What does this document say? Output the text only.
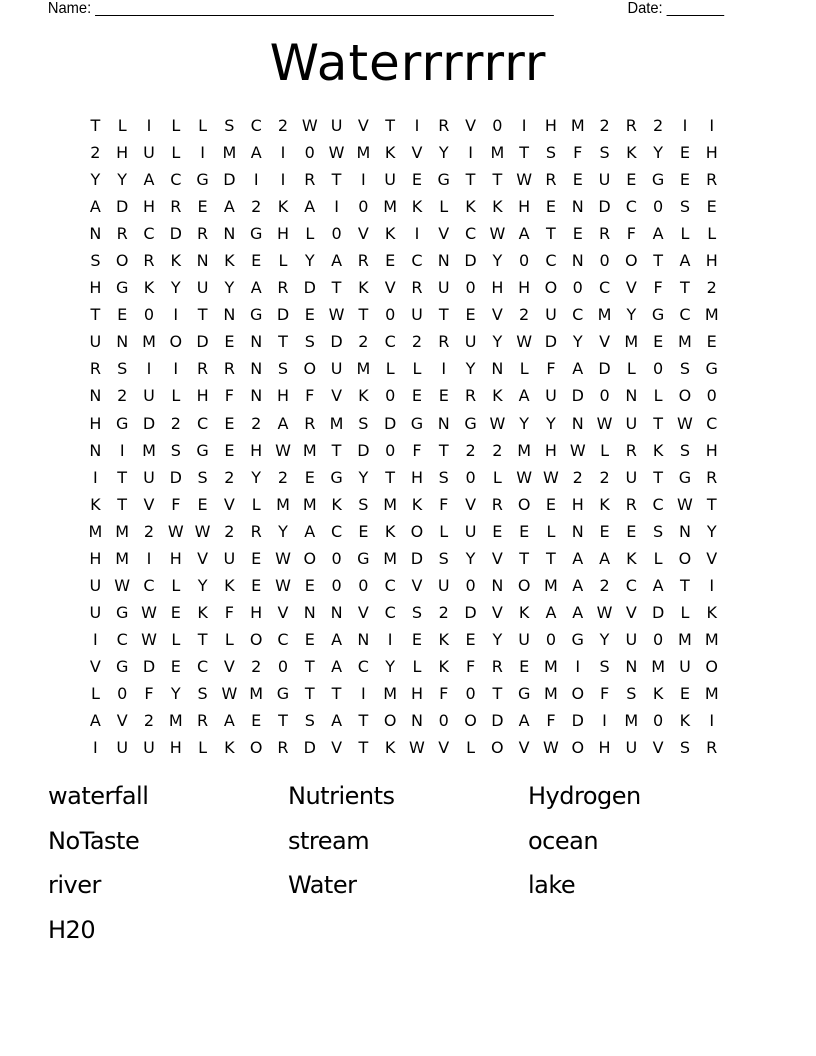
Name: ________________________________________________________	Date: _______
Waterrrrrrr
T	L	I	L	L	S	C	2 W U V	T	I	R V	0	I	H M 2	R	2	I	I
2 H U	L	I	M A	I	0 W M K	V	Y	I	M T	S	F	S	K	Y	E H
Y	Y	A C G D	I	I	R	T	I	U E G T	T W R	E U E G E	R
A D H R	E	A	2	K	A	I	0 M K	L	K	K H E N D C	0	S	E
N R C D R N G H	L	0	V	K	I	V C W A	T	E	R	F	A	L	L
S O R K N K	E	L	Y	A R	E	C N D Y	0	C N 0 O T	A H
H G K	Y	U	Y	A R D T	K	V R U 0 H H O 0	C V	F	T	2
T	E	0	I	T N G D E W T	0 U	T	E	V	2 U C M Y G C M
U N M O D E N T	S D 2	C	2	R U	Y W D Y	V M E M E
R	S	I	I	R R N S O U M L	L	I	Y N	L	F	A D	L	0	S G
N 2 U	L	H	F	N H	F	V	K	0	E	E	R K	A U D 0 N	L	O 0
H G D 2	C	E	2	A R M S D G N G W Y	Y N W U	T W C
N	I	M S G E H W M T D 0	F	T	2	2 M H W L	R K	S H
I	T	U D S	2	Y	2	E G Y	T H S	0	L W W 2	2 U	T G R
K	T	V	F	E	V	L M M K	S M K	F	V R O E H K R C W T
M M 2 W W 2	R	Y	A C	E	K O	L	U E	E	L	N E	E	S N Y
H M	I	H V U E W O 0 G M D S	Y	V	T	T	A A	K	L	O V
U W C	L	Y	K	E W E	0	0	C V U 0 N O M A	2	C A	T	I
U G W E	K	F	H V N N V C	S	2 D V	K	A A W V D	L	K
I	C W L	T	L	O C	E	A N	I	E	K	E	Y	U 0 G Y	U 0 M M
V G D E	C V	2	0	T	A C	Y	L	K	F	R	E M	I	S N M U O
L	0	F	Y	S W M G T	T	I	M H	F	0	T G M O F	S	K	E M
A V	2 M R A	E	T	S	A	T O N 0 O D A	F	D	I	M 0	K	I
I	U U H	L	K O R D V	T	K W V	L	O V W O H U V	S	R
waterfall	Nutrients	Hydrogen
NoTaste	stream	ocean
river	Water	lake
H20
